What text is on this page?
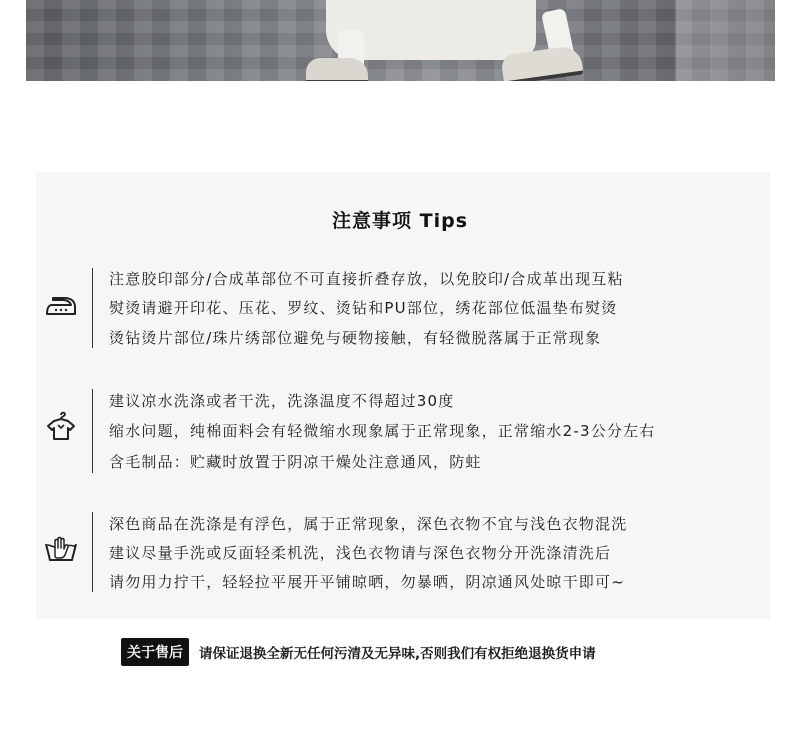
注意事项 Tips
注意胶印部分/合成革部位不可直接折叠存放，以免胶印/合成革出现互粘
熨烫请避开印花、压花、罗纹、烫钻和PU部位，绣花部位低温垫布熨烫
烫钻烫片部位/珠片绣部位避免与硬物接触，有轻微脱落属于正常现象
建议凉水洗涤或者干洗，洗涤温度不得超过30度
缩水问题，纯棉面料会有轻微缩水现象属于正常现象，正常缩水2-3公分左右
含毛制品：贮藏时放置于阴凉干燥处注意通风，防蛀
深色商品在洗涤是有浮色，属于正常现象，深色衣物不宜与浅色衣物混洗
建议尽量手洗或反面轻柔机洗，浅色衣物请与深色衣物分开洗涤清洗后
请勿用力拧干，轻轻拉平展开平铺晾晒，勿暴晒，阴凉通风处晾干即可~
关于售后	请保证退换全新无任何污清及无异味,否则我们有权拒绝退换货申请
